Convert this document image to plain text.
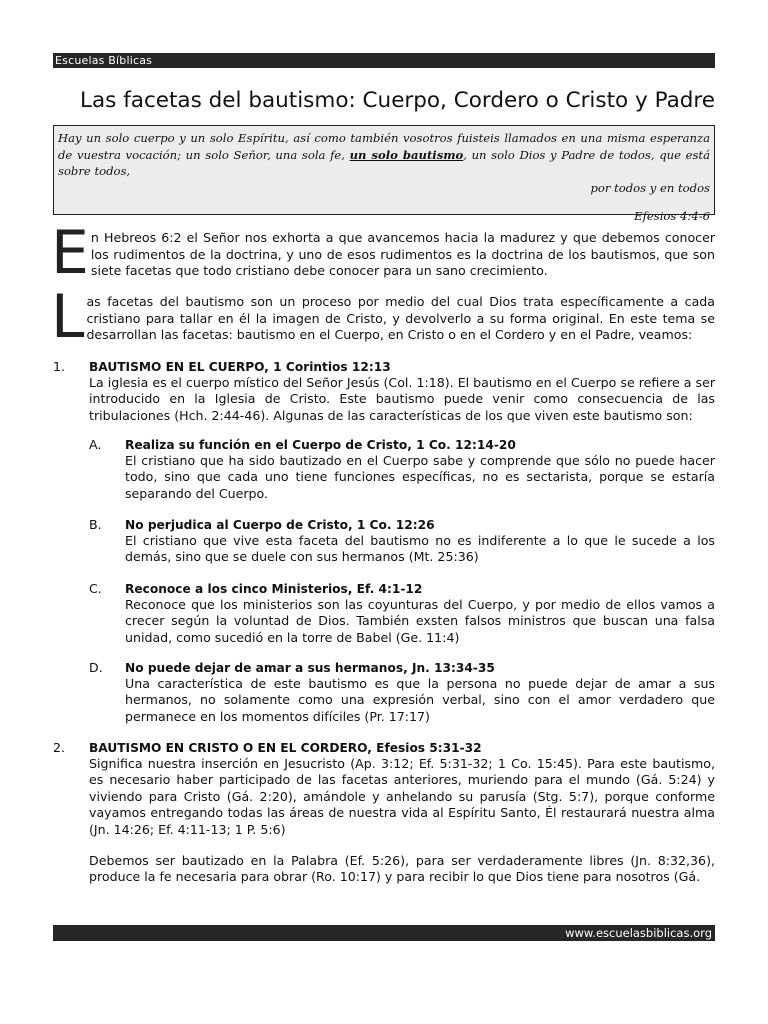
Escuelas Bíblicas
Las facetas del bautismo: Cuerpo, Cordero o Cristo y Padre
Hay un solo cuerpo y un solo Espíritu, así como también vosotros fuisteis llamados en una misma esperanza de vuestra vocación; un solo Señor, una sola fe, un solo bautismo, un solo Dios y Padre de todos, que está sobre todos,
por todos y en todos
Efesios 4:4-6
En Hebreos 6:2 el Señor nos exhorta a que avancemos hacia la madurez y que debemos conocer los rudimentos de la doctrina, y uno de esos rudimentos es la doctrina de los bautismos, que son siete facetas que todo cristiano debe conocer para un sano crecimiento.
Las facetas del bautismo son un proceso por medio del cual Dios trata específicamente a cada cristiano para tallar en él la imagen de Cristo, y devolverlo a su forma original. En este tema se desarrollan las facetas: bautismo en el Cuerpo, en Cristo o en el Cordero y en el Padre, veamos:
1. BAUTISMO EN EL CUERPO, 1 Corintios 12:13
La iglesia es el cuerpo místico del Señor Jesús (Col. 1:18). El bautismo en el Cuerpo se refiere a ser introducido en la Iglesia de Cristo. Este bautismo puede venir como consecuencia de las tribulaciones (Hch. 2:44-46). Algunas de las características de los que viven este bautismo son:
A. Realiza su función en el Cuerpo de Cristo, 1 Co. 12:14-20
El cristiano que ha sido bautizado en el Cuerpo sabe y comprende que sólo no puede hacer todo, sino que cada uno tiene funciones específicas, no es sectarista, porque se estaría separando del Cuerpo.
B. No perjudica al Cuerpo de Cristo, 1 Co. 12:26
El cristiano que vive esta faceta del bautismo no es indiferente a lo que le sucede a los demás, sino que se duele con sus hermanos (Mt. 25:36)
C. Reconoce a los cinco Ministerios, Ef. 4:1-12
Reconoce que los ministerios son las coyunturas del Cuerpo, y por medio de ellos vamos a crecer según la voluntad de Dios. También exsten falsos ministros que buscan una falsa unidad, como sucedió en la torre de Babel (Ge. 11:4)
D. No puede dejar de amar a sus hermanos, Jn. 13:34-35
Una característica de este bautismo es que la persona no puede dejar de amar a sus hermanos, no solamente como una expresión verbal, sino con el amor verdadero que permanece en los momentos difíciles (Pr. 17:17)
2. BAUTISMO EN CRISTO O EN EL CORDERO, Efesios 5:31-32
Significa nuestra inserción en Jesucristo (Ap. 3:12; Ef. 5:31-32; 1 Co. 15:45). Para este bautismo, es necesario haber participado de las facetas anteriores, muriendo para el mundo (Gá. 5:24) y viviendo para Cristo (Gá. 2:20), amándole y anhelando su parusía (Stg. 5:7), porque conforme vayamos entregando todas las áreas de nuestra vida al Espíritu Santo, Él restaurará nuestra alma (Jn. 14:26; Ef. 4:11-13; 1 P. 5:6)
Debemos ser bautizado en la Palabra (Ef. 5:26), para ser verdaderamente libres (Jn. 8:32,36), produce la fe necesaria para obrar (Ro. 10:17) y para recibir lo que Dios tiene para nosotros (Gá.
www.escuelasbiblicas.org
